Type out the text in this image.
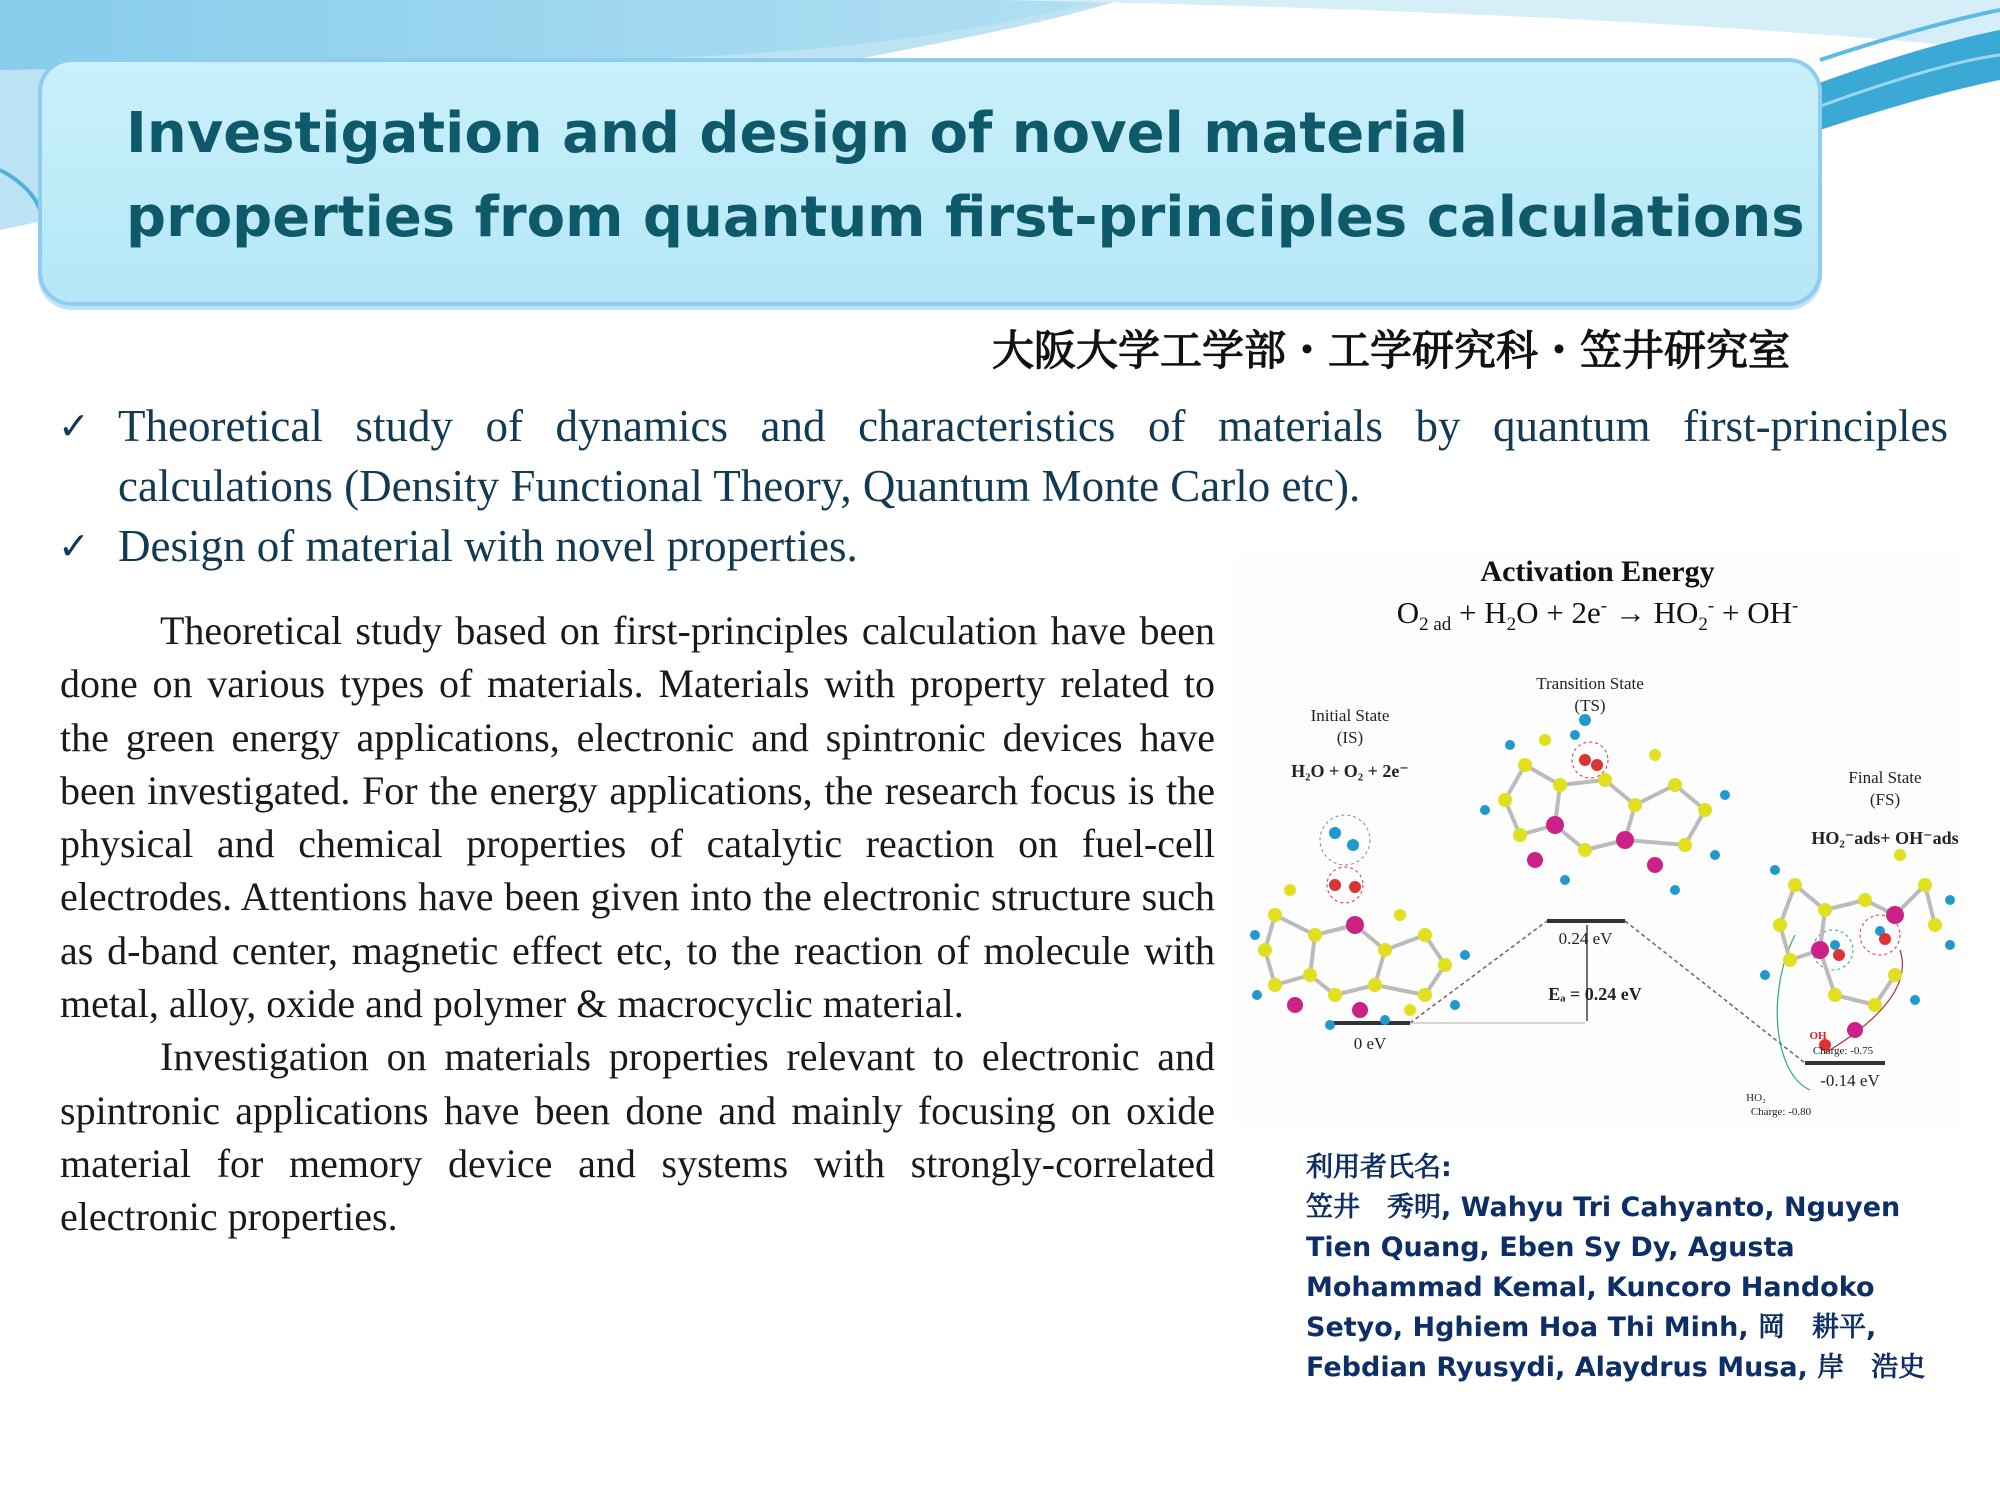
Investigation and design of novel material properties from quantum first-principles calculations
大阪大学工学部・工学研究科・笠井研究室
✓ Theoretical study of dynamics and characteristics of materials by quantum first-principles calculations (Density Functional Theory, Quantum Monte Carlo etc).
✓ Design of material with novel properties.

Theoretical study based on first-principles calculation have been done on various types of materials. Materials with property related to the green energy applications, electronic and spintronic devices have been investigated. For the energy applications, the research focus is the physical and chemical properties of catalytic reaction on fuel-cell electrodes. Attentions have been given into the electronic structure such as d-band center, magnetic effect etc, to the reaction of molecule with metal, alloy, oxide and polymer & macrocyclic material.

Investigation on materials properties relevant to electronic and spintronic applications have been done and mainly focusing on oxide material for memory device and systems with strongly-correlated electronic properties.

Activation Energy
$O_{2 ad} + H_2O + 2e^- \to HO_2^- + OH^-$
Initial State
(IS)
H₂O + O₂ + 2e⁻
Transition State
(TS)
Final State
(FS)
HO₂⁻ads+ OH⁻ads
0 eV
0.24 eV
Eₐ = 0.24 eV
-0.14 eV
OH
Charge: -0.75
HO₂
Charge: -0.80
利用者氏名:
笠井　秀明, Wahyu Tri Cahyanto, Nguyen Tien Quang, Eben Sy Dy, Agusta Mohammad Kemal, Kuncoro Handoko Setyo, Hghiem Hoa Thi Minh, 岡　耕平, Febdian Ryusydi, Alaydrus Musa, 岸　浩史
